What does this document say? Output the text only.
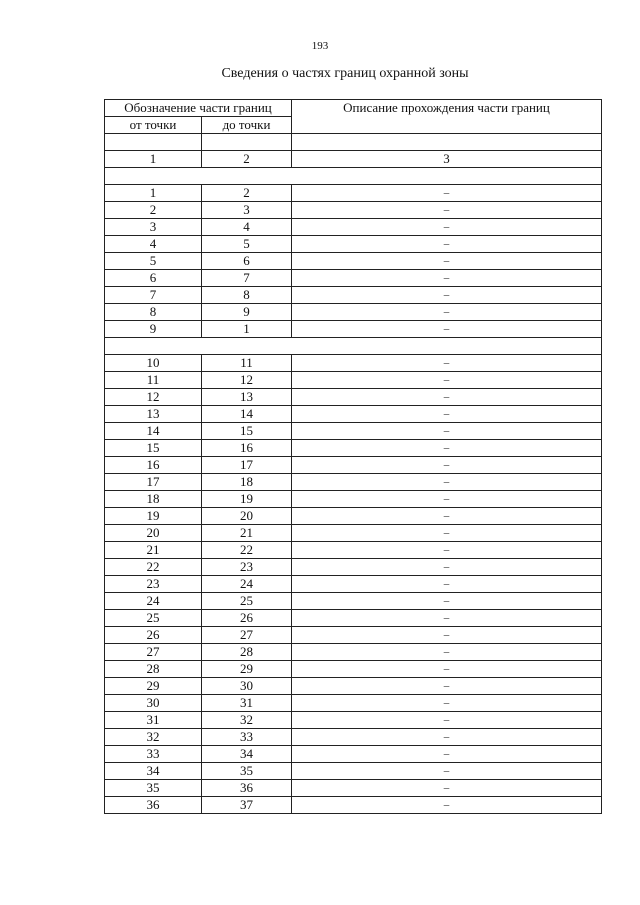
193
Сведения о частях границ охранной зоны
Обозначение части границ		Описание прохождения части границ
от точки	до точки	

1	2	3

1	2	–
2	3	–
3	4	–
4	5	–
5	6	–
6	7	–
7	8	–
8	9	–
9	1	–

10	11	–
11	12	–
12	13	–
13	14	–
14	15	–
15	16	–
16	17	–
17	18	–
18	19	–
19	20	–
20	21	–
21	22	–
22	23	–
23	24	–
24	25	–
25	26	–
26	27	–
27	28	–
28	29	–
29	30	–
30	31	–
31	32	–
32	33	–
33	34	–
34	35	–
35	36	–
36	37	–
